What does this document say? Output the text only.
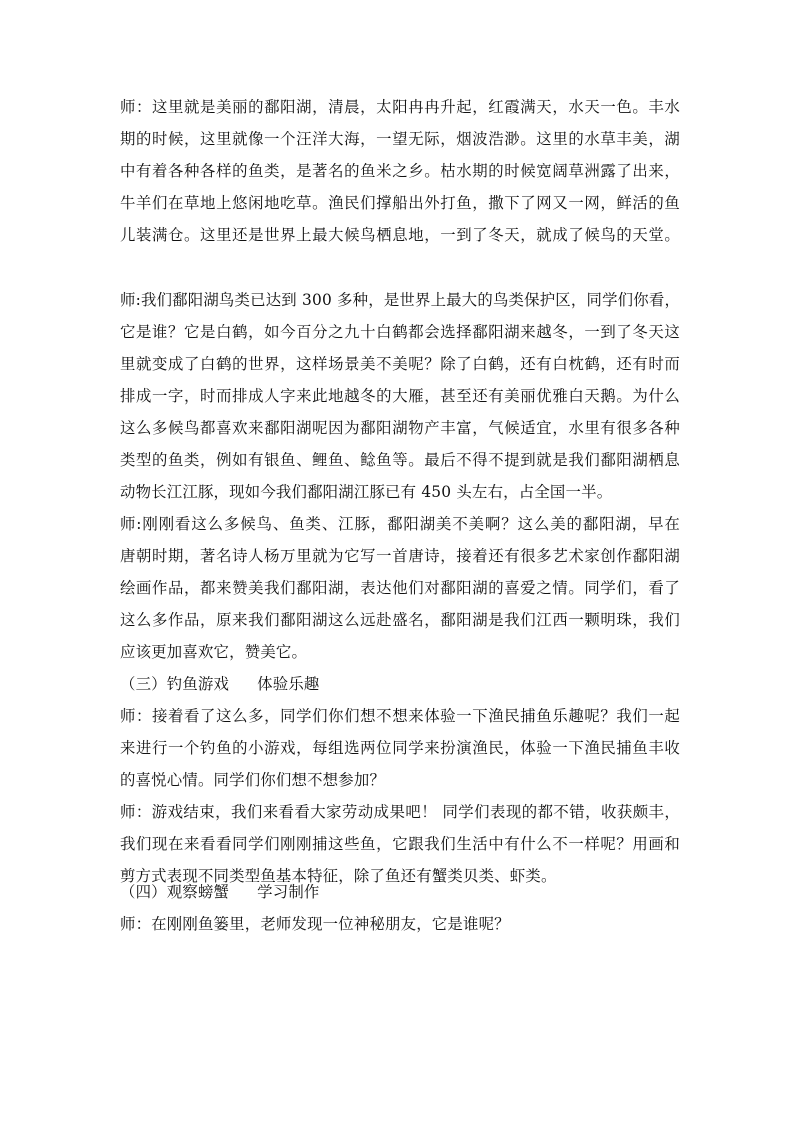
师：这里就是美丽的鄱阳湖，清晨，太阳冉冉升起，红霞满天，水天一色。丰水
期的时候，这里就像一个汪洋大海，一望无际，烟波浩渺。这里的水草丰美，湖
中有着各种各样的鱼类，是著名的鱼米之乡。枯水期的时候宽阔草洲露了出来，
牛羊们在草地上悠闲地吃草。渔民们撑船出外打鱼，撒下了网又一网，鲜活的鱼
儿装满仓。这里还是世界上最大候鸟栖息地，一到了冬天，就成了候鸟的天堂。
师:我们鄱阳湖鸟类已达到 300 多种，是世界上最大的鸟类保护区，同学们你看，
它是谁？它是白鹤，如今百分之九十白鹤都会选择鄱阳湖来越冬，一到了冬天这
里就变成了白鹤的世界，这样场景美不美呢？除了白鹤，还有白枕鹤，还有时而
排成一字，时而排成人字来此地越冬的大雁，甚至还有美丽优雅白天鹅。为什么
这么多候鸟都喜欢来鄱阳湖呢因为鄱阳湖物产丰富，气候适宜，水里有很多各种
类型的鱼类，例如有银鱼、鲤鱼、鲶鱼等。最后不得不提到就是我们鄱阳湖栖息
动物长江江豚，现如今我们鄱阳湖江豚已有 450 头左右，占全国一半。
师:刚刚看这么多候鸟、鱼类、江豚，鄱阳湖美不美啊？这么美的鄱阳湖，早在
唐朝时期，著名诗人杨万里就为它写一首唐诗，接着还有很多艺术家创作鄱阳湖
绘画作品，都来赞美我们鄱阳湖，表达他们对鄱阳湖的喜爱之情。同学们，看了
这么多作品，原来我们鄱阳湖这么远赴盛名，鄱阳湖是我们江西一颗明珠，我们
应该更加喜欢它，赞美它。
（三）钓鱼游戏 体验乐趣
师：接着看了这么多，同学们你们想不想来体验一下渔民捕鱼乐趣呢？我们一起
来进行一个钓鱼的小游戏，每组选两位同学来扮演渔民，体验一下渔民捕鱼丰收
的喜悦心情。同学们你们想不想参加？
师：游戏结束，我们来看看大家劳动成果吧！ 同学们表现的都不错，收获颇丰，
我们现在来看看同学们刚刚捕这些鱼，它跟我们生活中有什么不一样呢？用画和
剪方式表现不同类型鱼基本特征，除了鱼还有蟹类贝类、虾类。
（四）观察螃蟹 学习制作
师：在刚刚鱼篓里，老师发现一位神秘朋友，它是谁呢？
